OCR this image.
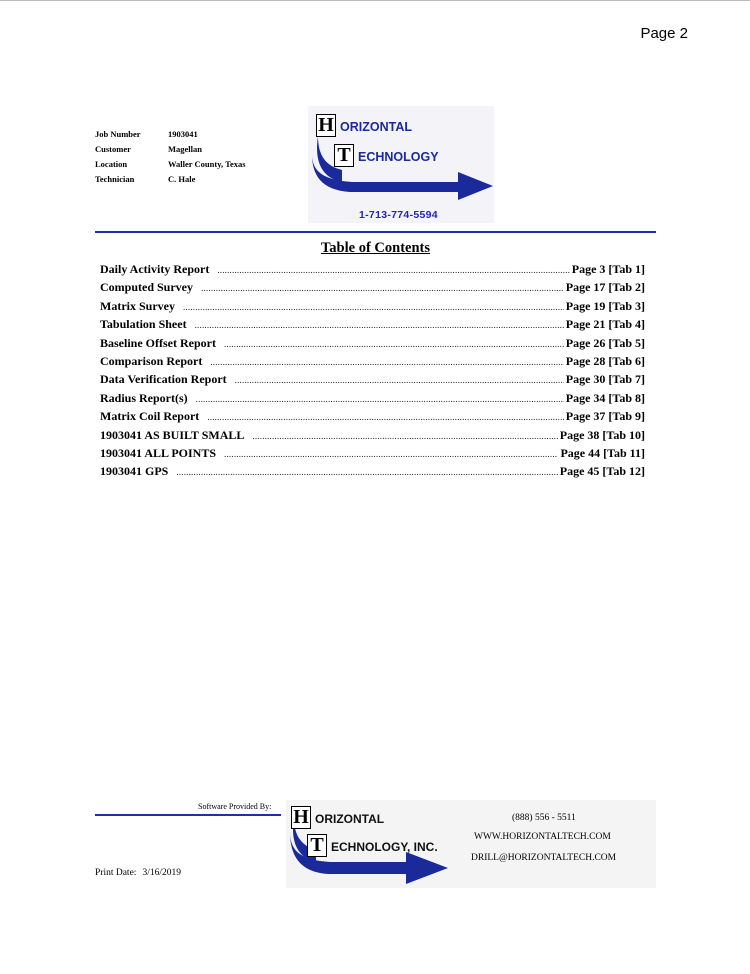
Page 2
Job Number	1903041
Customer	Magellan
Location	Waller County, Texas
Technician	C. Hale
H ORIZONTAL
T ECHNOLOGY
1-713-774-5594
Table of Contents
Daily Activity Report .....	Page 3 [Tab 1]
Computed Survey .....	Page 17 [Tab 2]
Matrix Survey .....	Page 19 [Tab 3]
Tabulation Sheet .....	Page 21 [Tab 4]
Baseline Offset Report .....	Page 26 [Tab 5]
Comparison Report .....	Page 28 [Tab 6]
Data Verification Report .....	Page 30 [Tab 7]
Radius Report(s) .....	Page 34 [Tab 8]
Matrix Coil Report .....	Page 37 [Tab 9]
1903041 AS BUILT SMALL .....	Page 38 [Tab 10]
1903041 ALL POINTS .....	Page 44 [Tab 11]
1903041 GPS .....	Page 45 [Tab 12]
Software Provided By:
Print Date: 3/16/2019
H ORIZONTAL
T ECHNOLOGY, INC.
(888) 556 - 5511
WWW.HORIZONTALTECH.COM
DRILL@HORIZONTALTECH.COM
